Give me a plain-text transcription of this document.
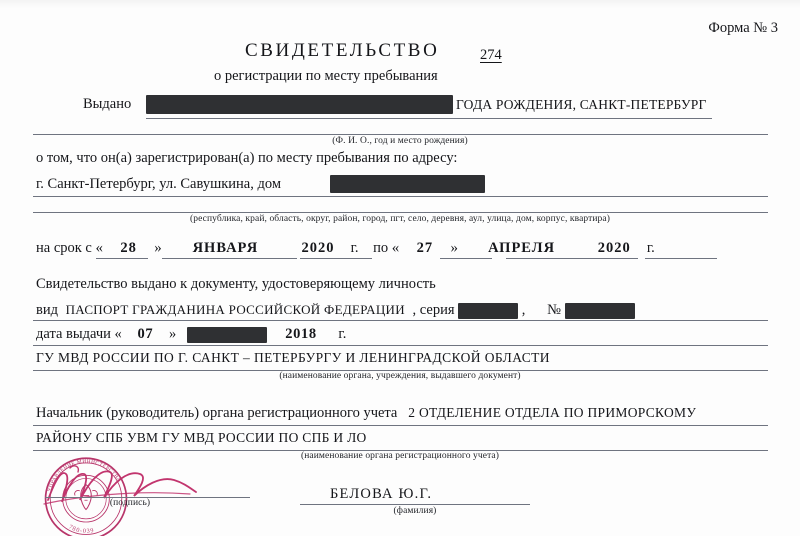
Форма № 3
СВИДЕТЕЛЬСТВО	274
о регистрации по месту пребывания
Выдано	ГОДА РОЖДЕНИЯ, САНКТ-ПЕТЕРБУРГ
(Ф. И. О., год и место рождения)
о том, что он(а) зарегистрирован(а) по месту пребывания по адресу:
г. Санкт-Петербург, ул. Савушкина, дом
(республика, край, область, округ, район, город, пгт, село, деревня, аул, улица, дом, корпус, квартира)
на срок с « 28 » ЯНВАРЯ	2020 г. по « 27 » АПРЕЛЯ	2020 г.
Свидетельство выдано к документу, удостоверяющему личность
вид ПАСПОРТ ГРАЖДАНИНА РОССИЙСКОЙ ФЕДЕРАЦИИ , серия	, №
дата выдачи « 07 »	2018 г.
ГУ МВД РОССИИ ПО Г. САНКТ – ПЕТЕРБУРГУ И ЛЕНИНГРАДСКОЙ ОБЛАСТИ
(наименование органа, учреждения, выдавшего документ)
Начальник (руководитель) органа регистрационного учета 2 ОТДЕЛЕНИЕ ОТДЕЛА ПО ПРИМОРСКОМУ
РАЙОНУ СПБ УВМ ГУ МВД РОССИИ ПО СПБ И ЛО
(наименование органа регистрационного учета)
УПРАВЛЕНИЕ МИНИСТЕРСТВА
780-039
(подпись)
БЕЛОВА Ю.Г.
(фамилия)
